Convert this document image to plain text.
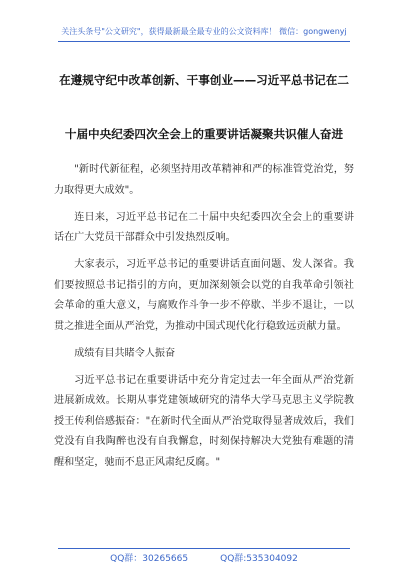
关注头条号"公文研究"，获得最新最全最专业的公文资料库！ 微信：gongwenyj
在遵规守纪中改革创新、干事创业——习近平总书记在二
十届中央纪委四次全会上的重要讲话凝聚共识催人奋进

"新时代新征程，必须坚持用改革精神和严的标准管党治党，努力取得更大成效"。

连日来，习近平总书记在二十届中央纪委四次全会上的重要讲话在广大党员干部群众中引发热烈反响。

大家表示，习近平总书记的重要讲话直面问题、发人深省。我们要按照总书记指引的方向，更加深刻领会以党的自我革命引领社会革命的重大意义，与腐败作斗争一步不停歇、半步不退让，一以贯之推进全面从严治党，为推动中国式现代化行稳致远贡献力量。

成绩有目共睹令人振奋

习近平总书记在重要讲话中充分肯定过去一年全面从严治党新进展新成效。长期从事党建领域研究的清华大学马克思主义学院教授王传利倍感振奋："在新时代全面从严治党取得显著成效后，我们党没有自我陶醉也没有自我懈怠，时刻保持解决大党独有难题的清醒和坚定，驰而不息正风肃纪反腐。"

QQ群：30265665	QQ群:535304092
